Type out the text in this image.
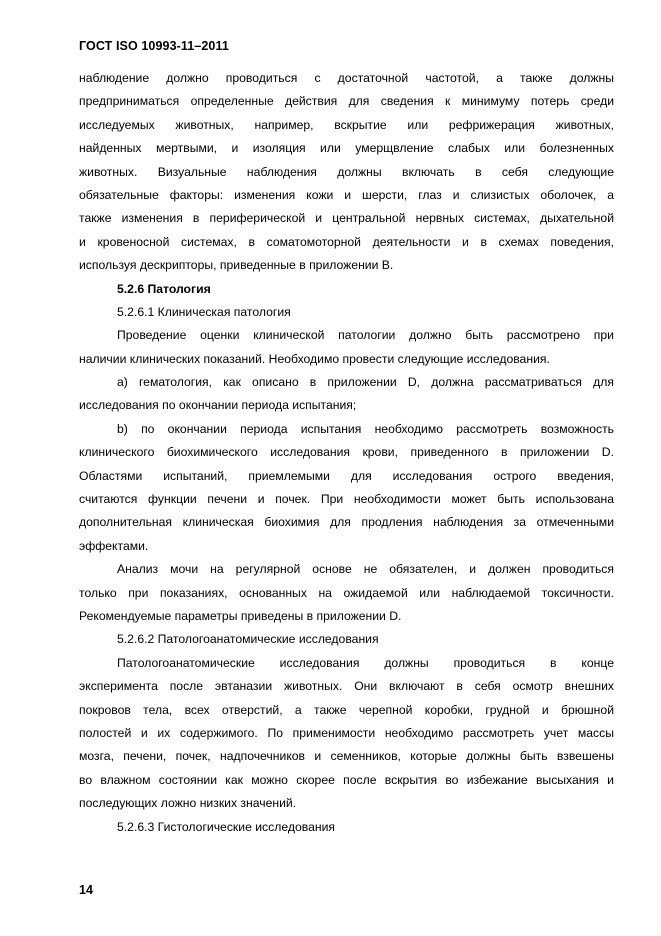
ГОСТ ISO 10993-11–2011
наблюдение должно проводиться с достаточной частотой, а также должны
предприниматься определенные действия для сведения к минимуму потерь среди
исследуемых животных, например, вскрытие или рефрижерация животных,
найденных мертвыми, и изоляция или умерщвление слабых или болезненных
животных. Визуальные наблюдения должны включать в себя следующие
обязательные факторы: изменения кожи и шерсти, глаз и слизистых оболочек, а
также изменения в периферической и центральной нервных системах, дыхательной
и кровеносной системах, в соматомоторной деятельности и в схемах поведения,
используя дескрипторы, приведенные в приложении В.
5.2.6 Патология
5.2.6.1 Клиническая патология
Проведение оценки клинической патологии должно быть рассмотрено при
наличии клинических показаний. Необходимо провести следующие исследования.
а) гематология, как описано в приложении D, должна рассматриваться для
исследования по окончании периода испытания;
b) по окончании периода испытания необходимо рассмотреть возможность
клинического биохимического исследования крови, приведенного в приложении D.
Областями испытаний, приемлемыми для исследования острого введения,
считаются функции печени и почек. При необходимости может быть использована
дополнительная клиническая биохимия для продления наблюдения за отмеченными
эффектами.
Анализ мочи на регулярной основе не обязателен, и должен проводиться
только при показаниях, основанных на ожидаемой или наблюдаемой токсичности.
Рекомендуемые параметры приведены в приложении D.
5.2.6.2 Патологоанатомические исследования
Патологоанатомические исследования должны проводиться в конце
эксперимента после эвтаназии животных. Они включают в себя осмотр внешних
покровов тела, всех отверстий, а также черепной коробки, грудной и брюшной
полостей и их содержимого. По применимости необходимо рассмотреть учет массы
мозга, печени, почек, надпочечников и семенников, которые должны быть взвешены
во влажном состоянии как можно скорее после вскрытия во избежание высыхания и
последующих ложно низких значений.
5.2.6.3 Гистологические исследования
14
